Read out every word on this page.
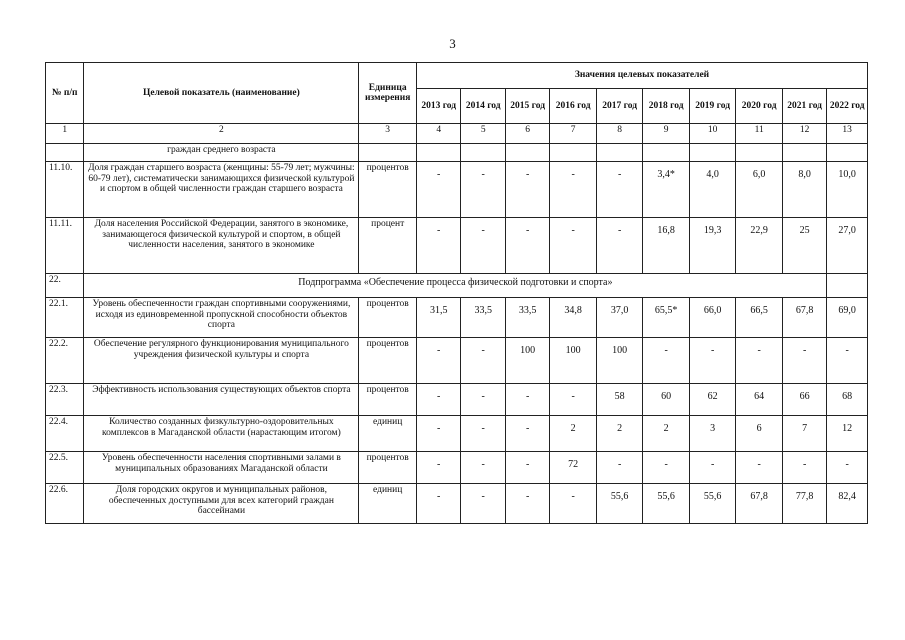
3
№ п/п	Целевой показатель (наименование)	Единица измерения	Значения целевых показателей									
			2013 год	2014 год	2015 год	2016 год	2017 год	2018 год	2019 год	2020 год	2021 год	2022 год
1	2	3	4	5	6	7	8	9	10	11	12	13
	граждан среднего возраста											
11.10.	Доля граждан старшего возраста (женщины: 55-79 лет; мужчины: 60-79 лет), систематически занимающихся физической культурой и спортом в общей численности граждан старшего возраста	процентов	-	-	-	-	-	3,4*	4,0	6,0	8,0	10,0
11.11.	Доля населения Российской Федерации, занятого в экономике, занимающегося физической культурой и спортом, в общей численности населения, занятого в экономике	процент	-	-	-	-	-	16,8	19,3	22,9	25	27,0
22.	Подпрограмма «Обеспечение процесса физической подготовки и спорта»											
22.1.	Уровень обеспеченности граждан спортивными сооружениями, исходя из единовременной пропускной способности объектов спорта	процентов	31,5	33,5	33,5	34,8	37,0	65,5*	66,0	66,5	67,8	69,0
22.2.	Обеспечение регулярного функционирования муниципального учреждения физической культуры и спорта	процентов	-	-	100	100	100	-	-	-	-	-
22.3.	Эффективность использования существующих объектов спорта	процентов	-	-	-	-	58	60	62	64	66	68
22.4.	Количество созданных физкультурно-оздоровительных комплексов в Магаданской области (нарастающим итогом)	единиц	-	-	-	2	2	2	3	6	7	12
22.5.	Уровень обеспеченности населения спортивными залами в муниципальных образованиях Магаданской области	процентов	-	-	-	72	-	-	-	-	-	-
22.6.	Доля городских округов и муниципальных районов, обеспеченных доступными для всех категорий граждан бассейнами	единиц	-	-	-	-	55,6	55,6	55,6	67,8	77,8	82,4
